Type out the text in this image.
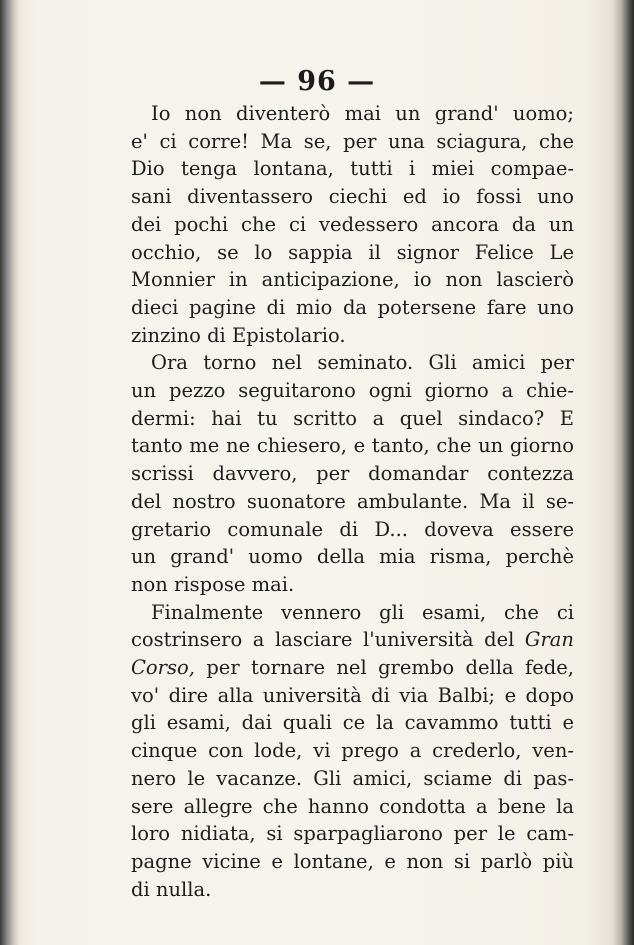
— 96 —
Io non diventerò mai un grand' uomo;
e' ci corre! Ma se, per una sciagura, che
Dio tenga lontana, tutti i miei compae-
sani diventassero ciechi ed io fossi uno
dei pochi che ci vedessero ancora da un
occhio, se lo sappia il signor Felice Le
Monnier in anticipazione, io non lascierò
dieci pagine di mio da potersene fare uno
zinzino di Epistolario.
Ora torno nel seminato. Gli amici per
un pezzo seguitarono ogni giorno a chie-
dermi: hai tu scritto a quel sindaco? E
tanto me ne chiesero, e tanto, che un giorno
scrissi davvero, per domandar contezza
del nostro suonatore ambulante. Ma il se-
gretario comunale di D... doveva essere
un grand' uomo della mia risma, perchè
non rispose mai.
Finalmente vennero gli esami, che ci
costrinsero a lasciare l'università del Gran
Corso, per tornare nel grembo della fede,
vo' dire alla università di via Balbi; e dopo
gli esami, dai quali ce la cavammo tutti e
cinque con lode, vi prego a crederlo, ven-
nero le vacanze. Gli amici, sciame di pas-
sere allegre che hanno condotta a bene la
loro nidiata, si sparpagliarono per le cam-
pagne vicine e lontane, e non si parlò più
di nulla.
